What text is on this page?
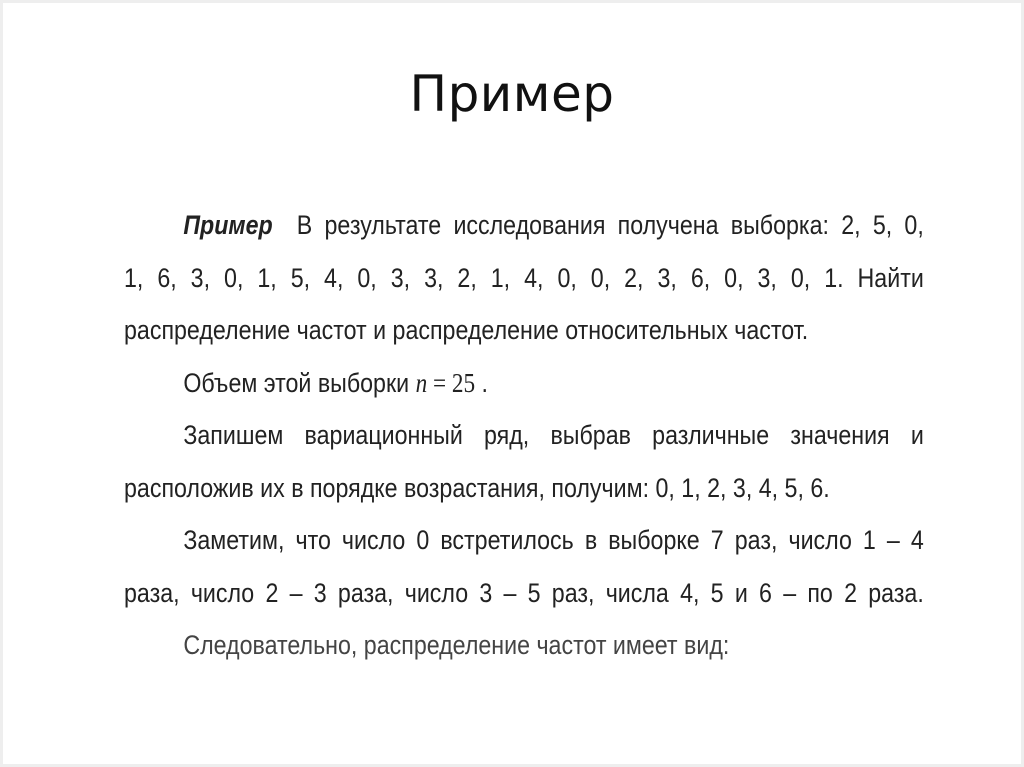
Пример
Пример В результате исследования получена выборка: 2, 5, 0,
1, 6, 3, 0, 1, 5, 4, 0, 3, 3, 2, 1, 4, 0, 0, 2, 3, 6, 0, 3, 0, 1. Найти
распределение частот и распределение относительных частот.
Объем этой выборки n = 25 .
Запишем вариационный ряд, выбрав различные значения и
расположив их в порядке возрастания, получим: 0, 1, 2, 3, 4, 5, 6.
Заметим, что число 0 встретилось в выборке 7 раз, число 1 – 4
раза, число 2 – 3 раза, число 3 – 5 раз, числа 4, 5 и 6 – по 2 раза.
Следовательно, распределение частот имеет вид:
